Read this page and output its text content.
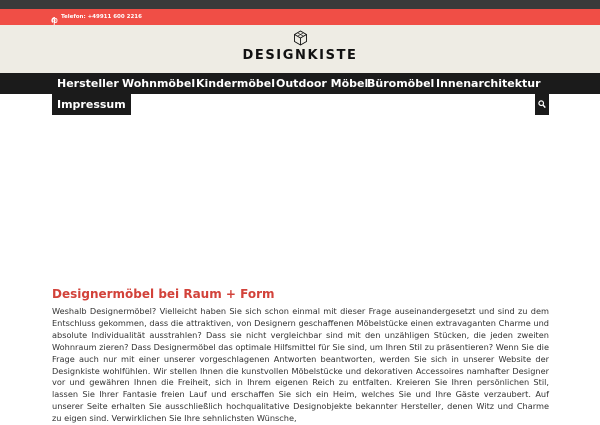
Telefon: +49911 600 2216
DESIGNKISTE
Hersteller Wohnmöbel Kindermöbel Outdoor Möbel
Büromöbel Innenarchitektur
Impressum
Designermöbel bei Raum + Form

Weshalb Designermöbel? Vielleicht haben Sie sich schon einmal mit dieser Frage auseinandergesetzt und sind zu dem Entschluss gekommen, dass die attraktiven, von Designern geschaffenen Möbelstücke einen extravaganten Charme und absolute Individualität ausstrahlen? Dass sie nicht vergleichbar sind mit den unzähligen Stücken, die jeden zweiten Wohnraum zieren? Dass Designermöbel das optimale Hilfsmittel für Sie sind, um Ihren Stil zu präsentieren? Wenn Sie die Frage auch nur mit einer unserer vorgeschlagenen Antworten beantworten, werden Sie sich in unserer Website der Designkiste wohlfühlen. Wir stellen Ihnen die kunstvollen Möbelstücke und dekorativen Accessoires namhafter Designer vor und gewähren Ihnen die Freiheit, sich in Ihrem eigenen Reich zu entfalten. Kreieren Sie Ihren persönlichen Stil, lassen Sie Ihrer Fantasie freien Lauf und erschaffen Sie sich ein Heim, welches Sie und Ihre Gäste verzaubert. Auf unserer Seite erhalten Sie ausschließlich hochqualitative Designobjekte bekannter Hersteller, denen Witz und Charme zu eigen sind. Verwirklichen Sie Ihre sehnlichsten Wünsche,
